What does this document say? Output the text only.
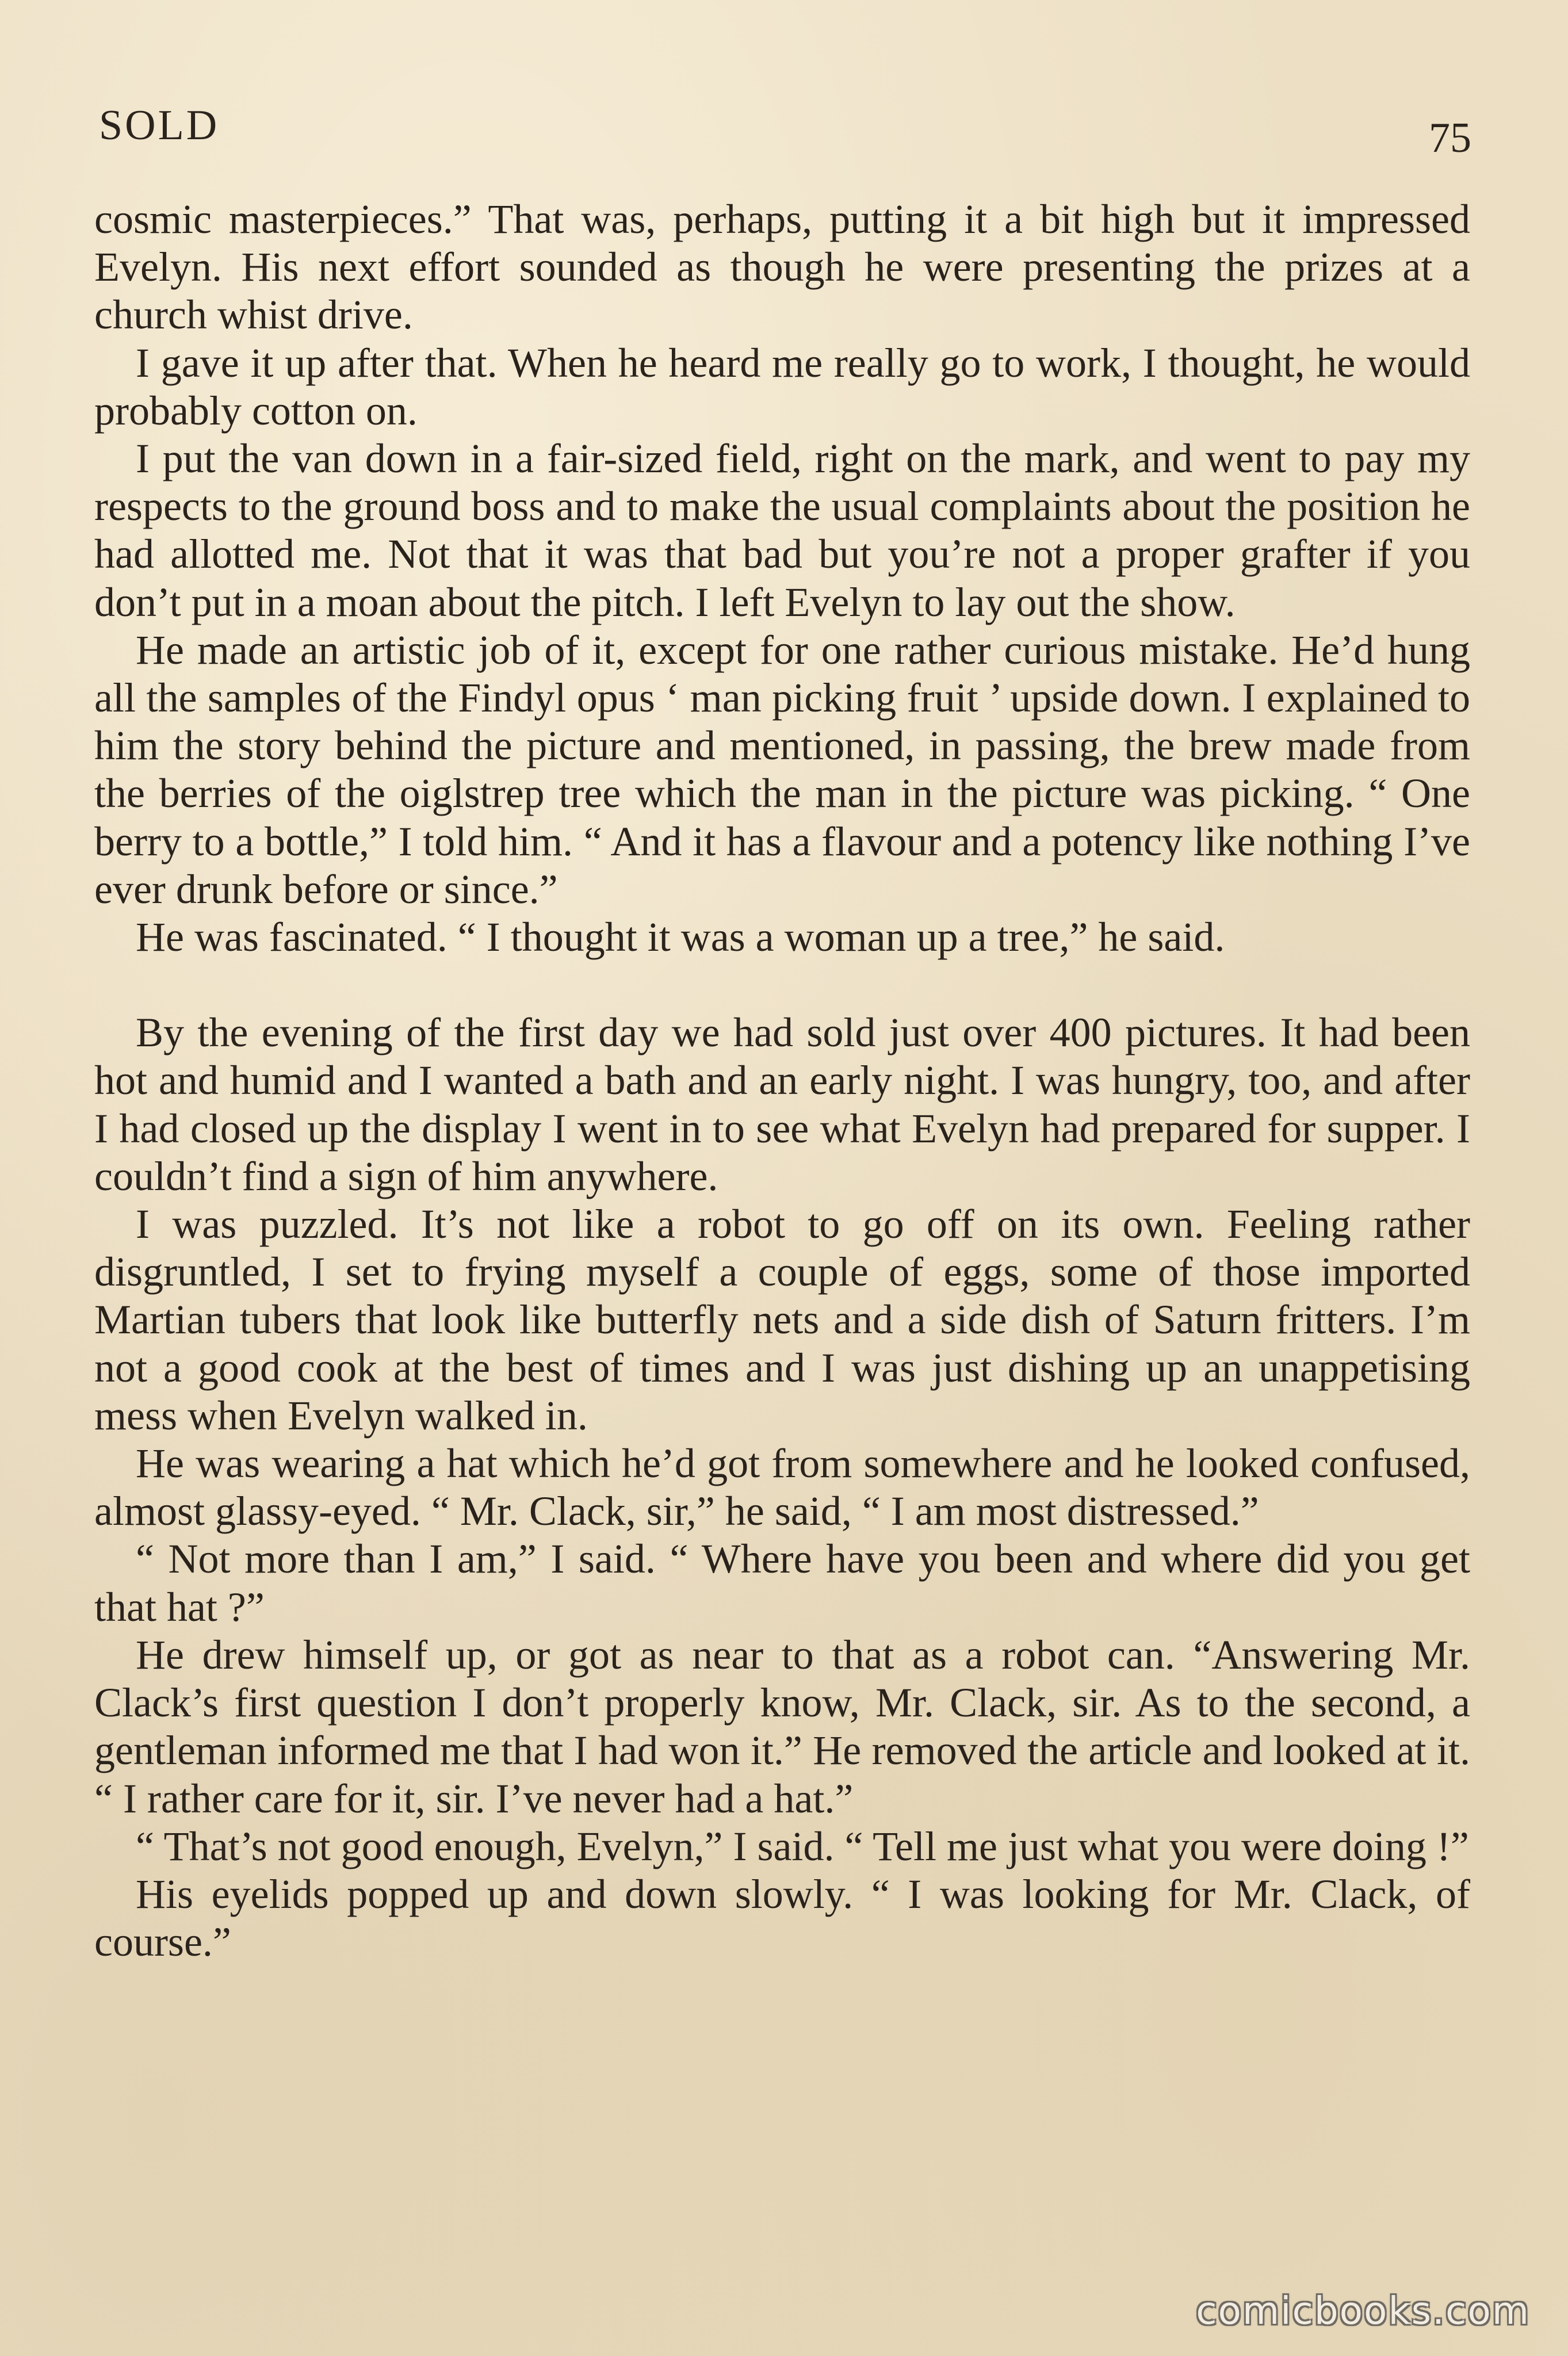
SOLD	75

cosmic masterpieces.” That was, perhaps, putting it a bit high but it impressed Evelyn. His next effort sounded as though he were presenting the prizes at a church whist drive.

I gave it up after that. When he heard me really go to work, I thought, he would probably cotton on.

I put the van down in a fair-sized field, right on the mark, and went to pay my respects to the ground boss and to make the usual complaints about the position he had allotted me. Not that it was that bad but you’re not a proper grafter if you don’t put in a moan about the pitch. I left Evelyn to lay out the show.

He made an artistic job of it, except for one rather curious mistake. He’d hung all the samples of the Findyl opus ‘ man picking fruit ’ upside down. I explained to him the story behind the picture and mentioned, in passing, the brew made from the berries of the oiglstrep tree which the man in the picture was picking. “ One berry to a bottle,” I told him. “ And it has a flavour and a potency like nothing I’ve ever drunk before or since.”

He was fascinated. “ I thought it was a woman up a tree,” he said.

By the evening of the first day we had sold just over 400 pictures. It had been hot and humid and I wanted a bath and an early night. I was hungry, too, and after I had closed up the display I went in to see what Evelyn had prepared for supper. I couldn’t find a sign of him anywhere.

I was puzzled. It’s not like a robot to go off on its own. Feeling rather disgruntled, I set to frying myself a couple of eggs, some of those imported Martian tubers that look like butterfly nets and a side dish of Saturn fritters. I’m not a good cook at the best of times and I was just dishing up an unappetising mess when Evelyn walked in.

He was wearing a hat which he’d got from somewhere and he looked confused, almost glassy-eyed. “ Mr. Clack, sir,” he said, “ I am most distressed.”

“ Not more than I am,” I said. “ Where have you been and where did you get that hat ?”

He drew himself up, or got as near to that as a robot can. “Answering Mr. Clack’s first question I don’t properly know, Mr. Clack, sir. As to the second, a gentleman informed me that I had won it.” He removed the article and looked at it. “ I rather care for it, sir. I’ve never had a hat.”

“ That’s not good enough, Evelyn,” I said. “ Tell me just what you were doing !”

His eyelids popped up and down slowly. “ I was looking for Mr. Clack, of course.”

comicbooks.com
